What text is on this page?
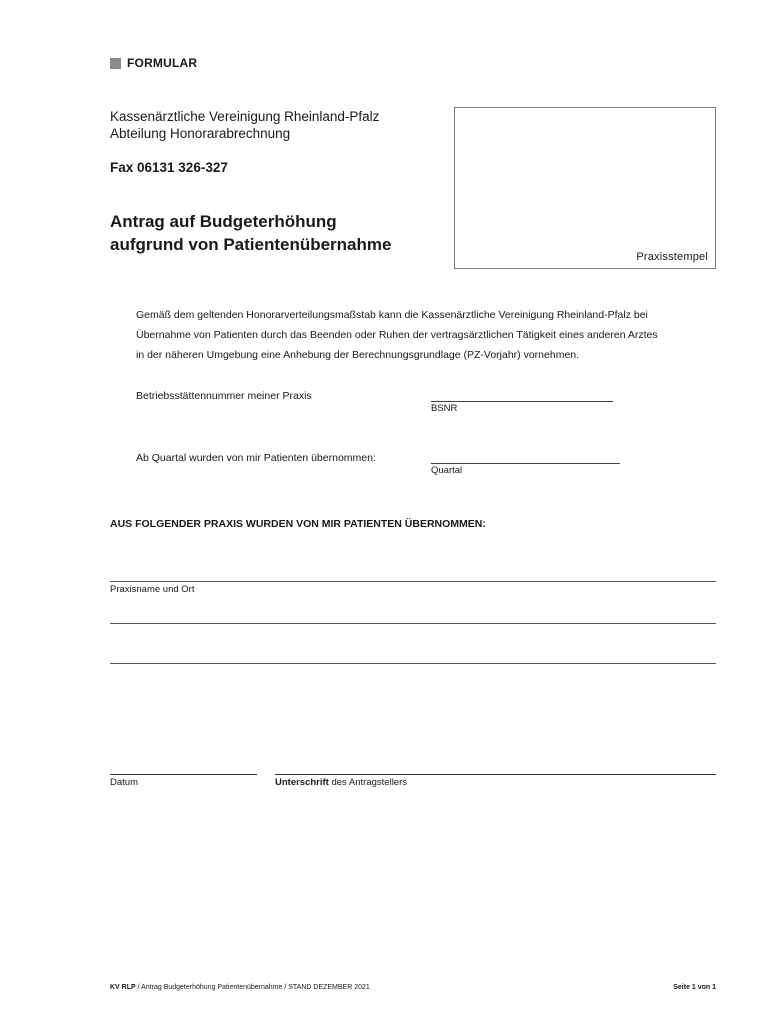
FORMULAR
Kassenärztliche Vereinigung Rheinland-Pfalz
Abteilung Honorarabrechnung
Fax 06131 326-327
Antrag auf Budgeterhöhung
aufgrund von Patientenübernahme
Praxisstempel

Gemäß dem geltenden Honorarverteilungsmaßstab kann die Kassenärztliche Vereinigung Rheinland-Pfalz bei

Übernahme von Patienten durch das Beenden oder Ruhen der vertragsärztlichen Tätigkeit eines anderen Arztes

in der näheren Umgebung eine Anhebung der Berechnungsgrundlage (PZ-Vorjahr) vornehmen.

Betriebsstättennummer meiner Praxis
BSNR
Ab Quartal wurden von mir Patienten übernommen:
Quartal
AUS FOLGENDER PRAXIS WURDEN VON MIR PATIENTEN ÜBERNOMMEN:
Praxisname und Ort
Datum	Unterschrift des Antragstellers
KV RLP / Antrag Budgeterhöhung Patientenübernahme / STAND DEZEMBER 2021	Seite 1 von 1
